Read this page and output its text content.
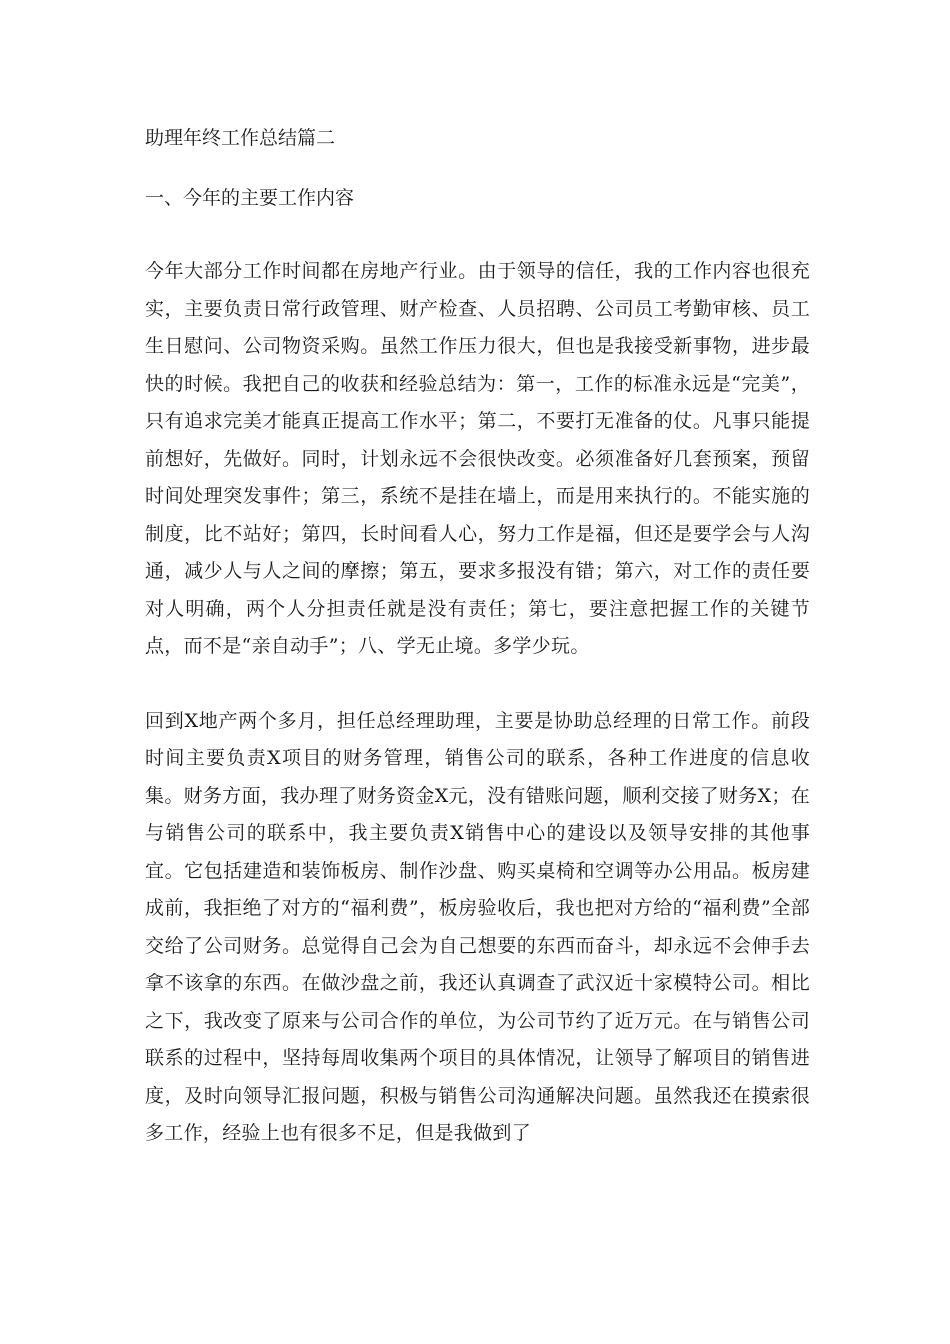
助理年终工作总结篇二
一、今年的主要工作内容

今年大部分工作时间都在房地产行业。由于领导的信任，我的工作内容也很充实，主要负责日常行政管理、财产检查、人员招聘、公司员工考勤审核、员工生日慰问、公司物资采购。虽然工作压力很大，但也是我接受新事物，进步最快的时候。我把自己的收获和经验总结为：第一，工作的标准永远是“完美”，只有追求完美才能真正提高工作水平；第二，不要打无准备的仗。凡事只能提前想好，先做好。同时，计划永远不会很快改变。必须准备好几套预案，预留时间处理突发事件；第三，系统不是挂在墙上，而是用来执行的。不能实施的制度，比不站好；第四，长时间看人心，努力工作是福，但还是要学会与人沟通，减少人与人之间的摩擦；第五，要求多报没有错；第六，对工作的责任要对人明确，两个人分担责任就是没有责任；第七，要注意把握工作的关键节点，而不是“亲自动手”；八、学无止境。多学少玩。

回到X地产两个多月，担任总经理助理，主要是协助总经理的日常工作。前段时间主要负责X项目的财务管理，销售公司的联系，各种工作进度的信息收集。财务方面，我办理了财务资金X元，没有错账问题，顺利交接了财务X；在与销售公司的联系中，我主要负责X销售中心的建设以及领导安排的其他事宜。它包括建造和装饰板房、制作沙盘、购买桌椅和空调等办公用品。板房建成前，我拒绝了对方的“福利费”，板房验收后，我也把对方给的“福利费”全部交给了公司财务。总觉得自己会为自己想要的东西而奋斗，却永远不会伸手去拿不该拿的东西。在做沙盘之前，我还认真调查了武汉近十家模特公司。相比之下，我改变了原来与公司合作的单位，为公司节约了近万元。在与销售公司联系的过程中，坚持每周收集两个项目的具体情况，让领导了解项目的销售进度，及时向领导汇报问题，积极与销售公司沟通解决问题。虽然我还在摸索很多工作，经验上也有很多不足，但是我做到了
